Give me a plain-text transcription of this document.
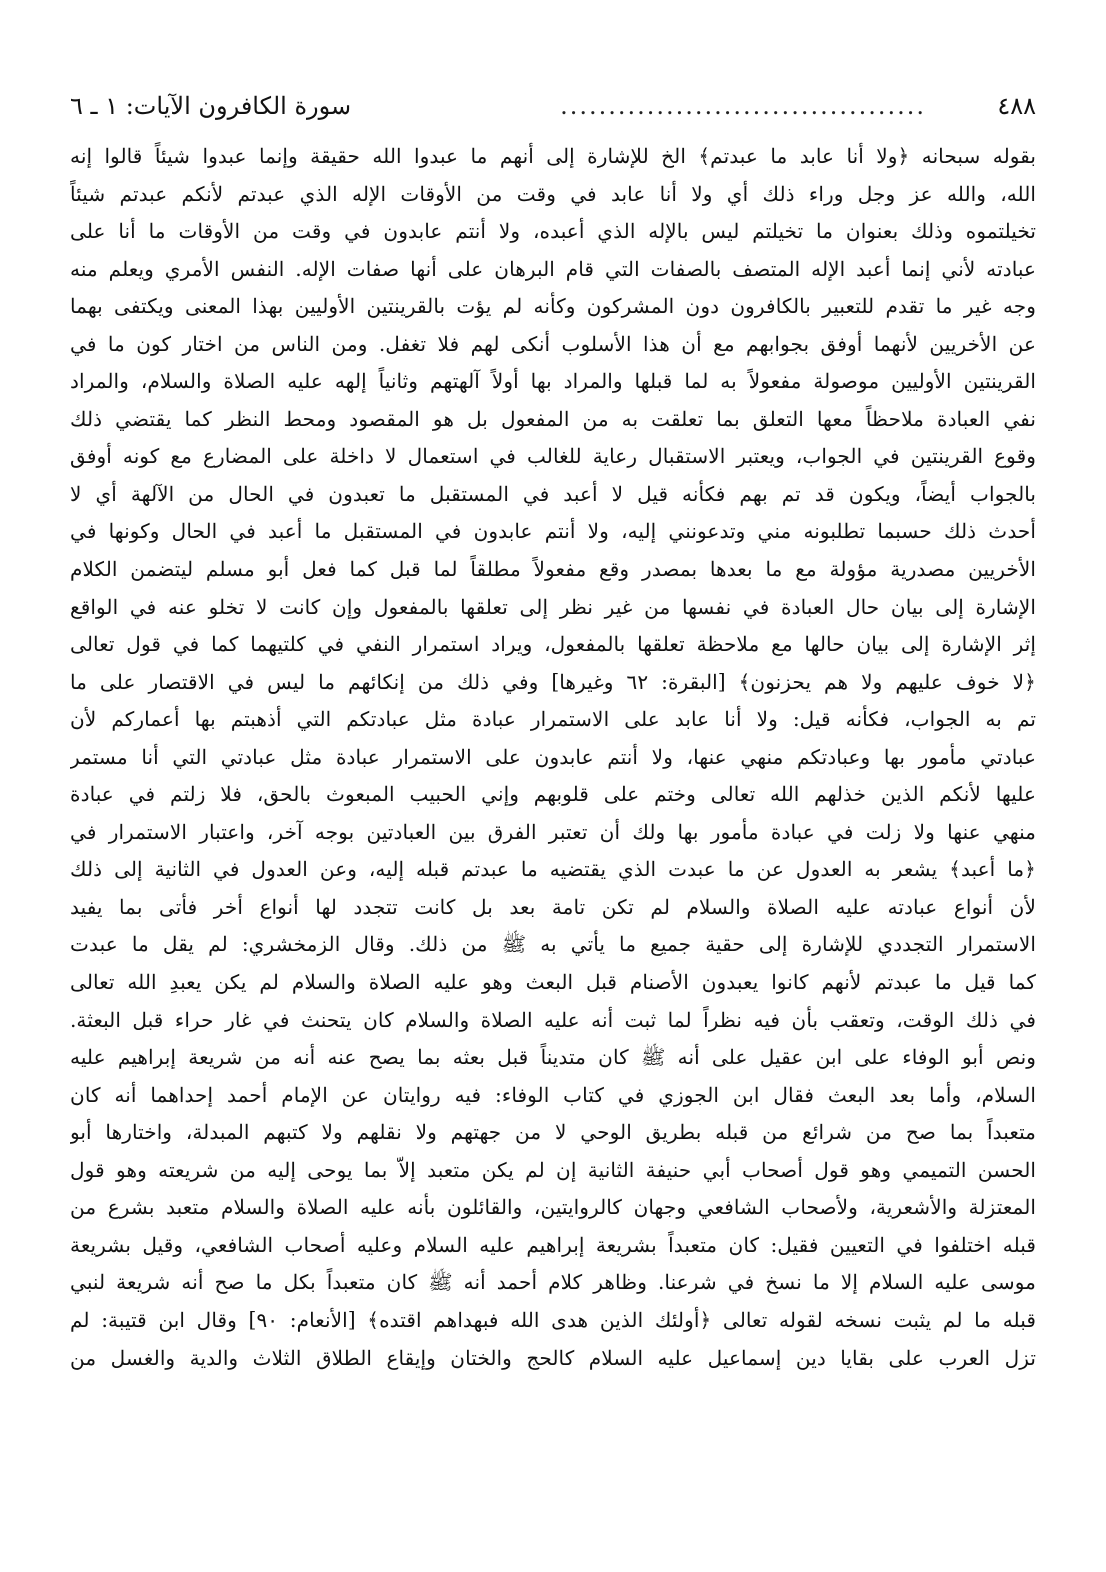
٤٨٨
......................................
سورة الكافرون الآيات: ١ ـ ٦
بقوله سبحانه ﴿ولا أنا عابد ما عبدتم﴾ الخ للإشارة إلى أنهم ما عبدوا الله حقيقة وإنما عبدوا شيئاً قالوا إنه
الله، والله عز وجل وراء ذلك أي ولا أنا عابد في وقت من الأوقات الإله الذي عبدتم لأنكم عبدتم شيئاً
تخيلتموه وذلك بعنوان ما تخيلتم ليس بالإله الذي أعبده، ولا أنتم عابدون في وقت من الأوقات ما أنا على
عبادته لأني إنما أعبد الإله المتصف بالصفات التي قام البرهان على أنها صفات الإله. النفس الأمري ويعلم منه
وجه غير ما تقدم للتعبير بالكافرون دون المشركون وكأنه لم يؤت بالقرينتين الأوليين بهذا المعنى ويكتفى بهما
عن الأخريين لأنهما أوفق بجوابهم مع أن هذا الأسلوب أنكى لهم فلا تغفل. ومن الناس من اختار كون ما في
القرينتين الأوليين موصولة مفعولاً به لما قبلها والمراد بها أولاً آلهتهم وثانياً إلهه عليه الصلاة والسلام، والمراد
نفي العبادة ملاحظاً معها التعلق بما تعلقت به من المفعول بل هو المقصود ومحط النظر كما يقتضي ذلك
وقوع القرينتين في الجواب، ويعتبر الاستقبال رعاية للغالب في استعمال لا داخلة على المضارع مع كونه أوفق
بالجواب أيضاً، ويكون قد تم بهم فكأنه قيل لا أعبد في المستقبل ما تعبدون في الحال من الآلهة أي لا
أحدث ذلك حسبما تطلبونه مني وتدعونني إليه، ولا أنتم عابدون في المستقبل ما أعبد في الحال وكونها في
الأخريين مصدرية مؤولة مع ما بعدها بمصدر وقع مفعولاً مطلقاً لما قبل كما فعل أبو مسلم ليتضمن الكلام
الإشارة إلى بيان حال العبادة في نفسها من غير نظر إلى تعلقها بالمفعول وإن كانت لا تخلو عنه في الواقع
إثر الإشارة إلى بيان حالها مع ملاحظة تعلقها بالمفعول، ويراد استمرار النفي في كلتيهما كما في قول تعالى
﴿لا خوف عليهم ولا هم يحزنون﴾ [البقرة: ٦٢ وغيرها] وفي ذلك من إنكائهم ما ليس في الاقتصار على ما
تم به الجواب، فكأنه قيل: ولا أنا عابد على الاستمرار عبادة مثل عبادتكم التي أذهبتم بها أعماركم لأن
عبادتي مأمور بها وعبادتكم منهي عنها، ولا أنتم عابدون على الاستمرار عبادة مثل عبادتي التي أنا مستمر
عليها لأنكم الذين خذلهم الله تعالى وختم على قلوبهم وإني الحبيب المبعوث بالحق، فلا زلتم في عبادة
منهي عنها ولا زلت في عبادة مأمور بها ولك أن تعتبر الفرق بين العبادتين بوجه آخر، واعتبار الاستمرار في
﴿ما أعبد﴾ يشعر به العدول عن ما عبدت الذي يقتضيه ما عبدتم قبله إليه، وعن العدول في الثانية إلى ذلك
لأن أنواع عبادته عليه الصلاة والسلام لم تكن تامة بعد بل كانت تتجدد لها أنواع أخر فأتى بما يفيد
الاستمرار التجددي للإشارة إلى حقية جميع ما يأتي به ﷺ من ذلك. وقال الزمخشري: لم يقل ما عبدت
كما قيل ما عبدتم لأنهم كانوا يعبدون الأصنام قبل البعث وهو عليه الصلاة والسلام لم يكن يعبدِ الله تعالى
في ذلك الوقت، وتعقب بأن فيه نظراً لما ثبت أنه عليه الصلاة والسلام كان يتحنث في غار حراء قبل البعثة.
ونص أبو الوفاء على ابن عقيل على أنه ﷺ كان متديناً قبل بعثه بما يصح عنه أنه من شريعة إبراهيم عليه
السلام، وأما بعد البعث فقال ابن الجوزي في كتاب الوفاء: فيه روايتان عن الإمام أحمد إحداهما أنه كان
متعبداً بما صح من شرائع من قبله بطريق الوحي لا من جهتهم ولا نقلهم ولا كتبهم المبدلة، واختارها أبو
الحسن التميمي وهو قول أصحاب أبي حنيفة الثانية إن لم يكن متعبد إلاّ بما يوحى إليه من شريعته وهو قول
المعتزلة والأشعرية، ولأصحاب الشافعي وجهان كالروايتين، والقائلون بأنه عليه الصلاة والسلام متعبد بشرع من
قبله اختلفوا في التعيين فقيل: كان متعبداً بشريعة إبراهيم عليه السلام وعليه أصحاب الشافعي، وقيل بشريعة
موسى عليه السلام إلا ما نسخ في شرعنا. وظاهر كلام أحمد أنه ﷺ كان متعبداً بكل ما صح أنه شريعة لنبي
قبله ما لم يثبت نسخه لقوله تعالى ﴿أولئك الذين هدى الله فبهداهم اقتده﴾ [الأنعام: ٩٠] وقال ابن قتيبة: لم
تزل العرب على بقايا دين إسماعيل عليه السلام كالحج والختان وإيقاع الطلاق الثلاث والدية والغسل من
